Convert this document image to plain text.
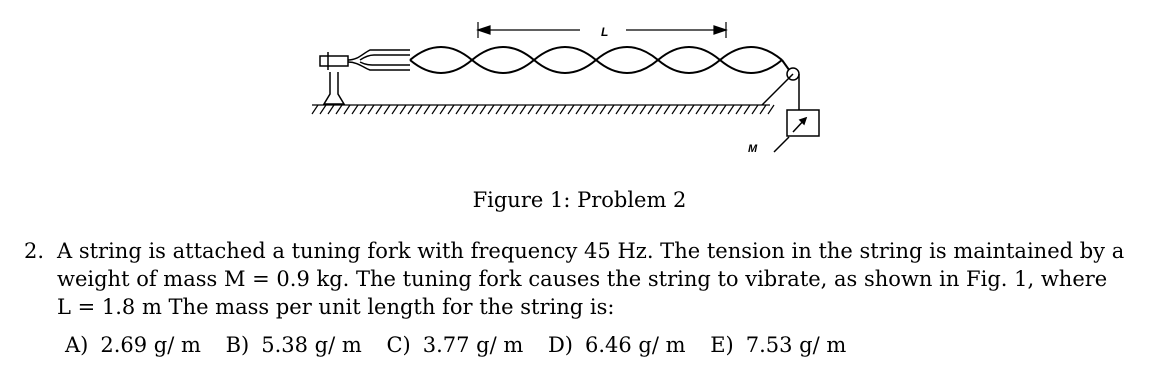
L
M
Figure 1: Problem 2
2. A string is attached a tuning fork with frequency 45 Hz. The tension in the string is maintained by a
weight of mass M = 0.9 kg. The tuning fork causes the string to vibrate, as shown in Fig. 1, where
L = 1.8 m The mass per unit length for the string is:
A) 2.69 g/ m B) 5.38 g/ m C) 3.77 g/ m D) 6.46 g/ m E) 7.53 g/ m
